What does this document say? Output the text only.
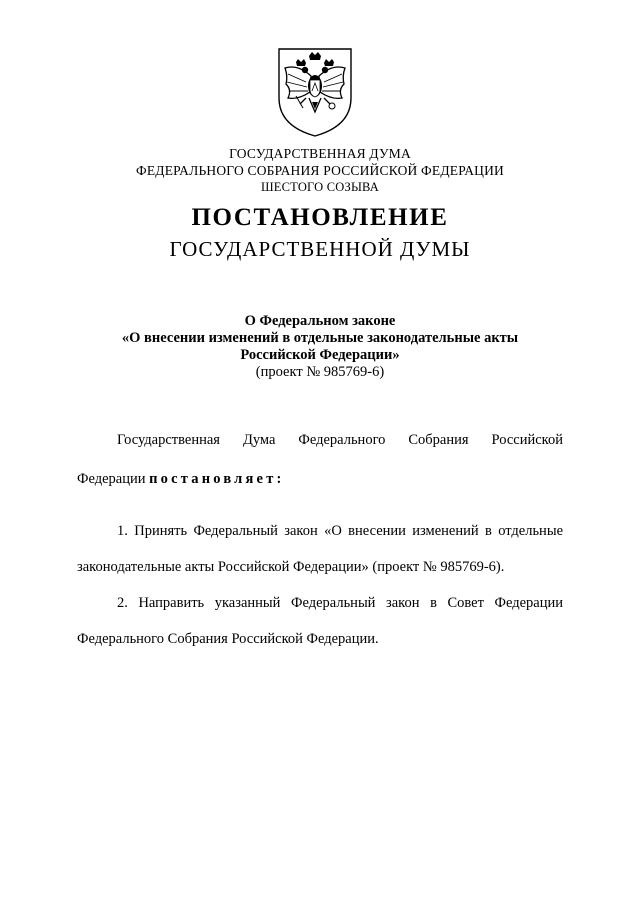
ГОСУДАРСТВЕННАЯ ДУМА
ФЕДЕРАЛЬНОГО СОБРАНИЯ РОССИЙСКОЙ ФЕДЕРАЦИИ
ШЕСТОГО СОЗЫВА
ПОСТАНОВЛЕНИЕ
ГОСУДАРСТВЕННОЙ ДУМЫ
О Федеральном законе
«О внесении изменений в отдельные законодательные акты
Российской Федерации»
(проект № 985769-6)
Государственная Дума Федерального Собрания Российской
Федерации постановляет:
1. Принять Федеральный закон «О внесении изменений в отдельные
законодательные акты Российской Федерации» (проект № 985769-6).
2. Направить указанный Федеральный закон в Совет Федерации
Федерального Собрания Российской Федерации.
